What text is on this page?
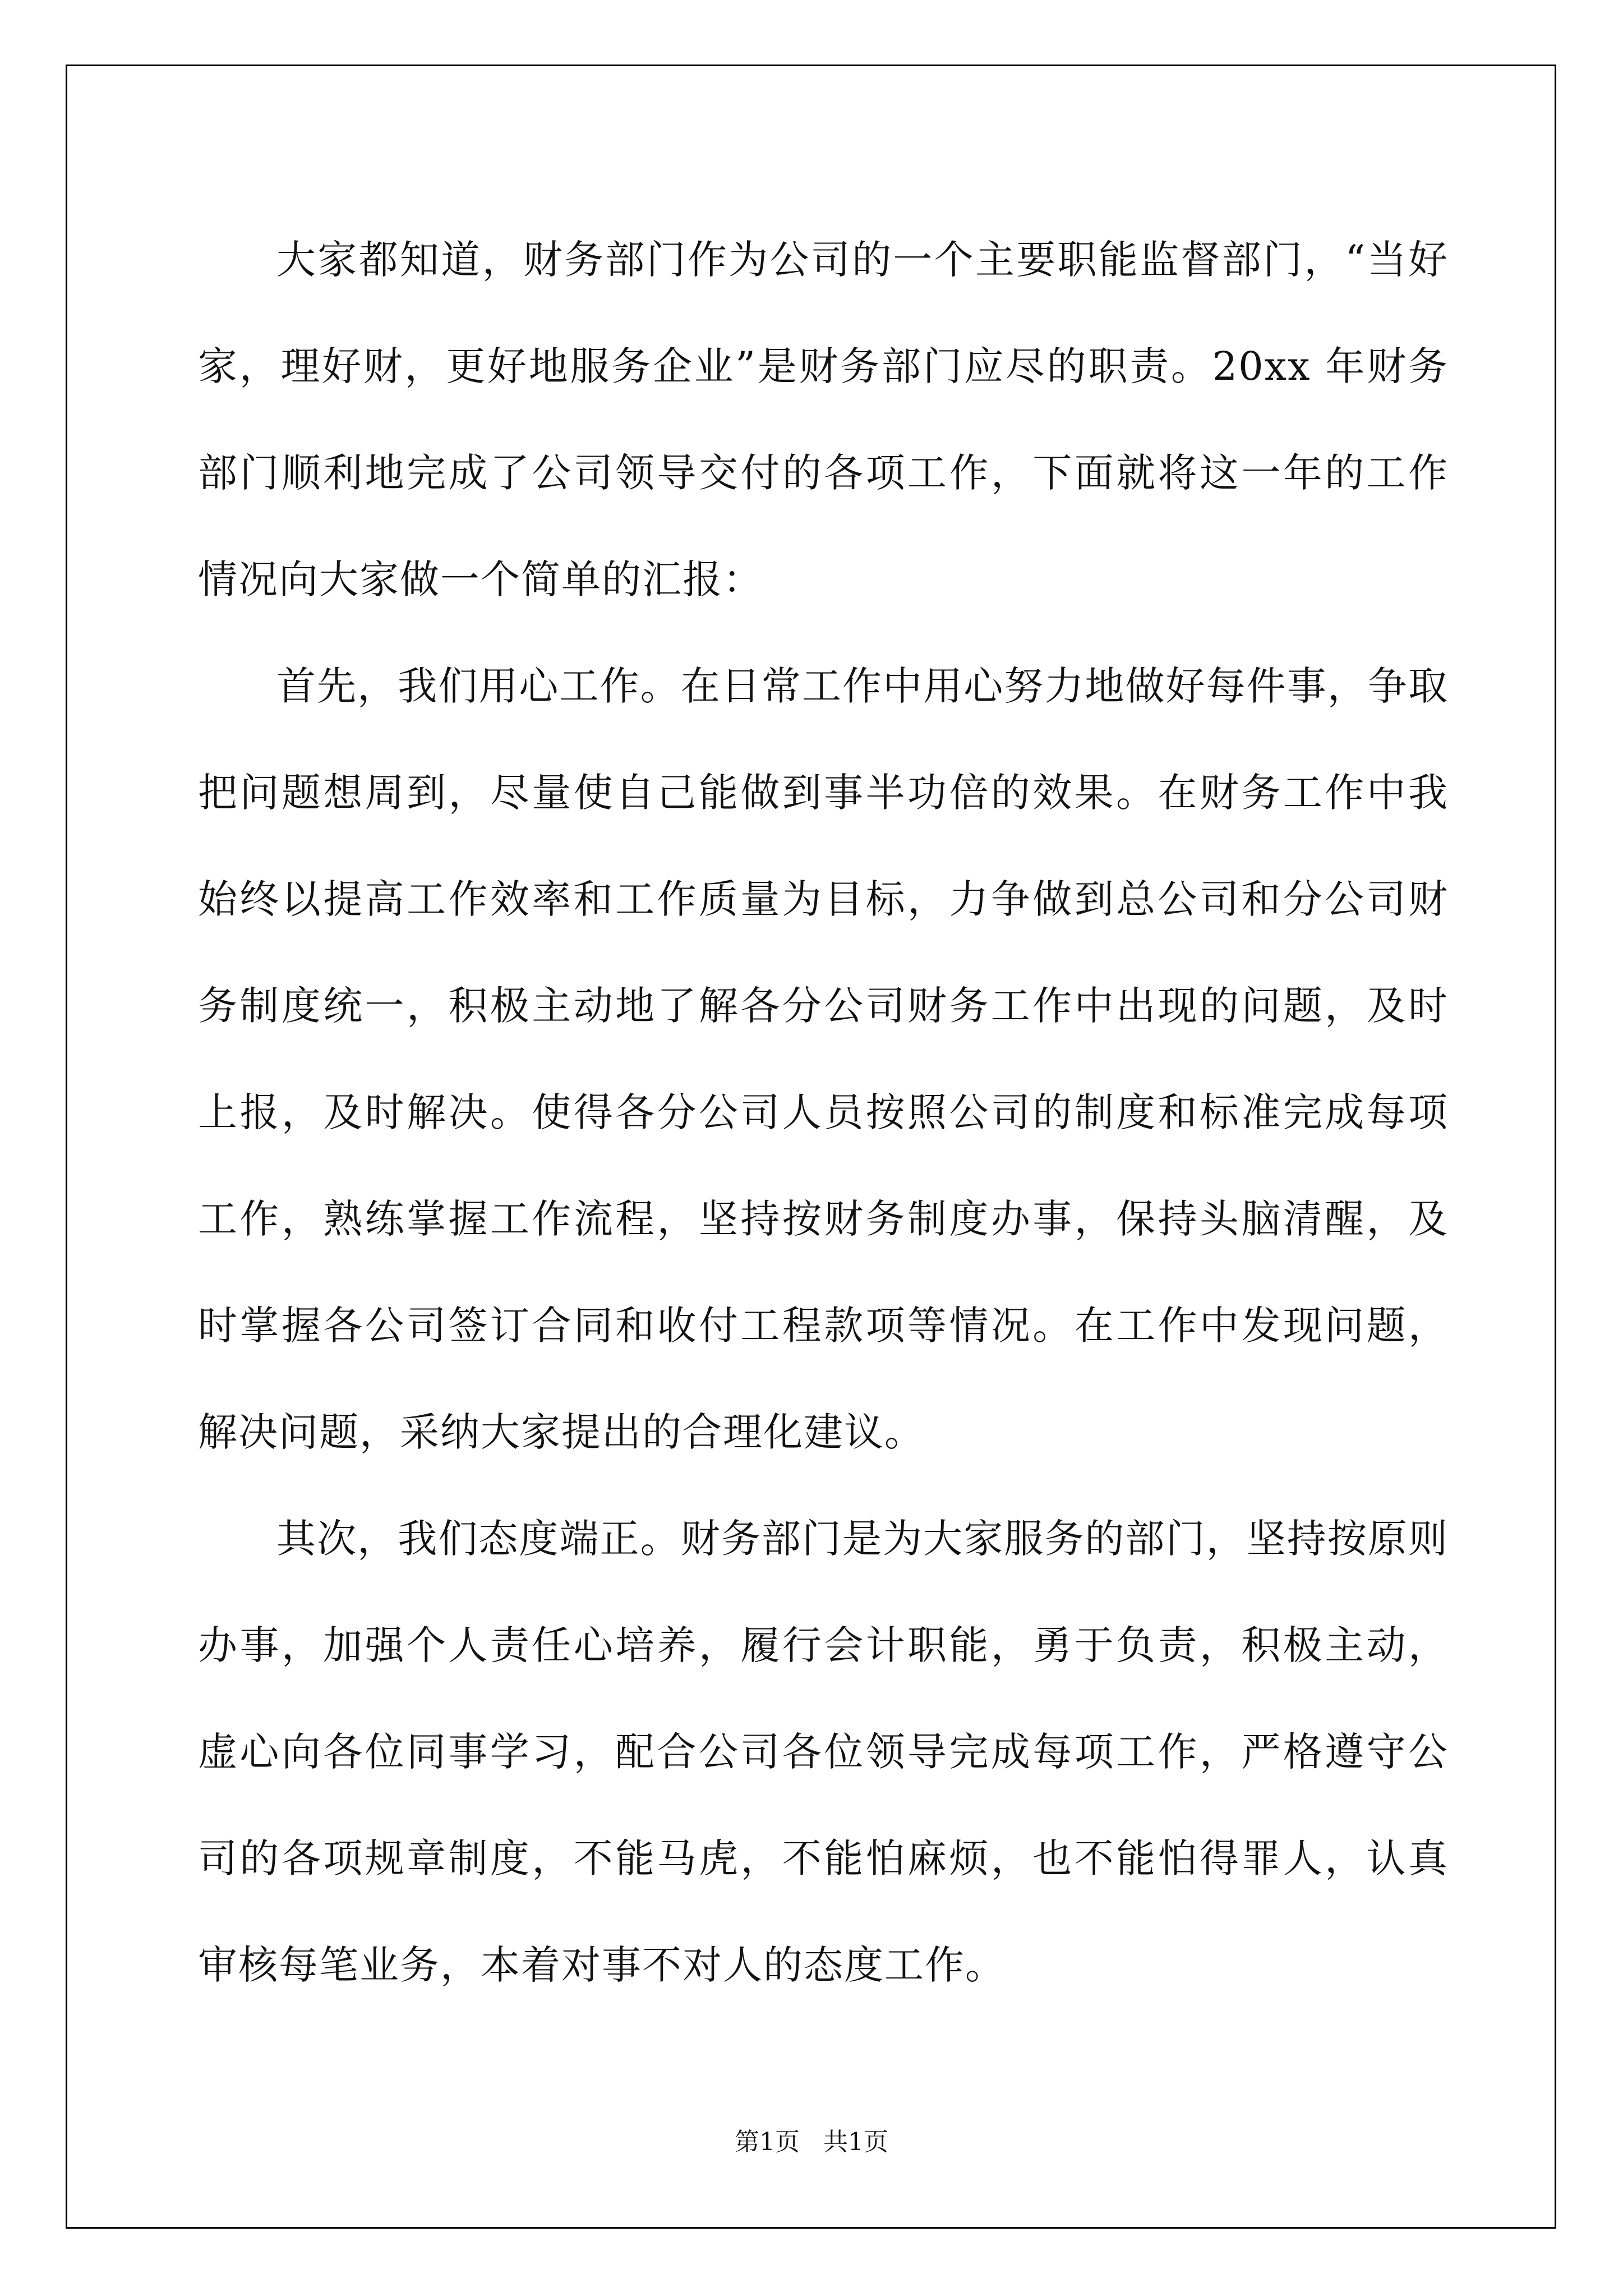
大家都知道，财务部门作为公司的一个主要职能监督部门，“当好家，理好财，更好地服务企业”是财务部门应尽的职责。20xx 年财务部门顺利地完成了公司领导交付的各项工作，下面就将这一年的工作情况向大家做一个简单的汇报：

首先，我们用心工作。在日常工作中用心努力地做好每件事，争取把问题想周到，尽量使自己能做到事半功倍的效果。在财务工作中我始终以提高工作效率和工作质量为目标，力争做到总公司和分公司财务制度统一，积极主动地了解各分公司财务工作中出现的问题，及时上报，及时解决。使得各分公司人员按照公司的制度和标准完成每项工作，熟练掌握工作流程，坚持按财务制度办事，保持头脑清醒，及时掌握各公司签订合同和收付工程款项等情况。在工作中发现问题，解决问题，采纳大家提出的合理化建议。

其次，我们态度端正。财务部门是为大家服务的部门，坚持按原则办事，加强个人责任心培养，履行会计职能，勇于负责，积极主动，虚心向各位同事学习，配合公司各位领导完成每项工作，严格遵守公司的各项规章制度，不能马虎，不能怕麻烦，也不能怕得罪人，认真审核每笔业务，本着对事不对人的态度工作。

第1页   共1页
